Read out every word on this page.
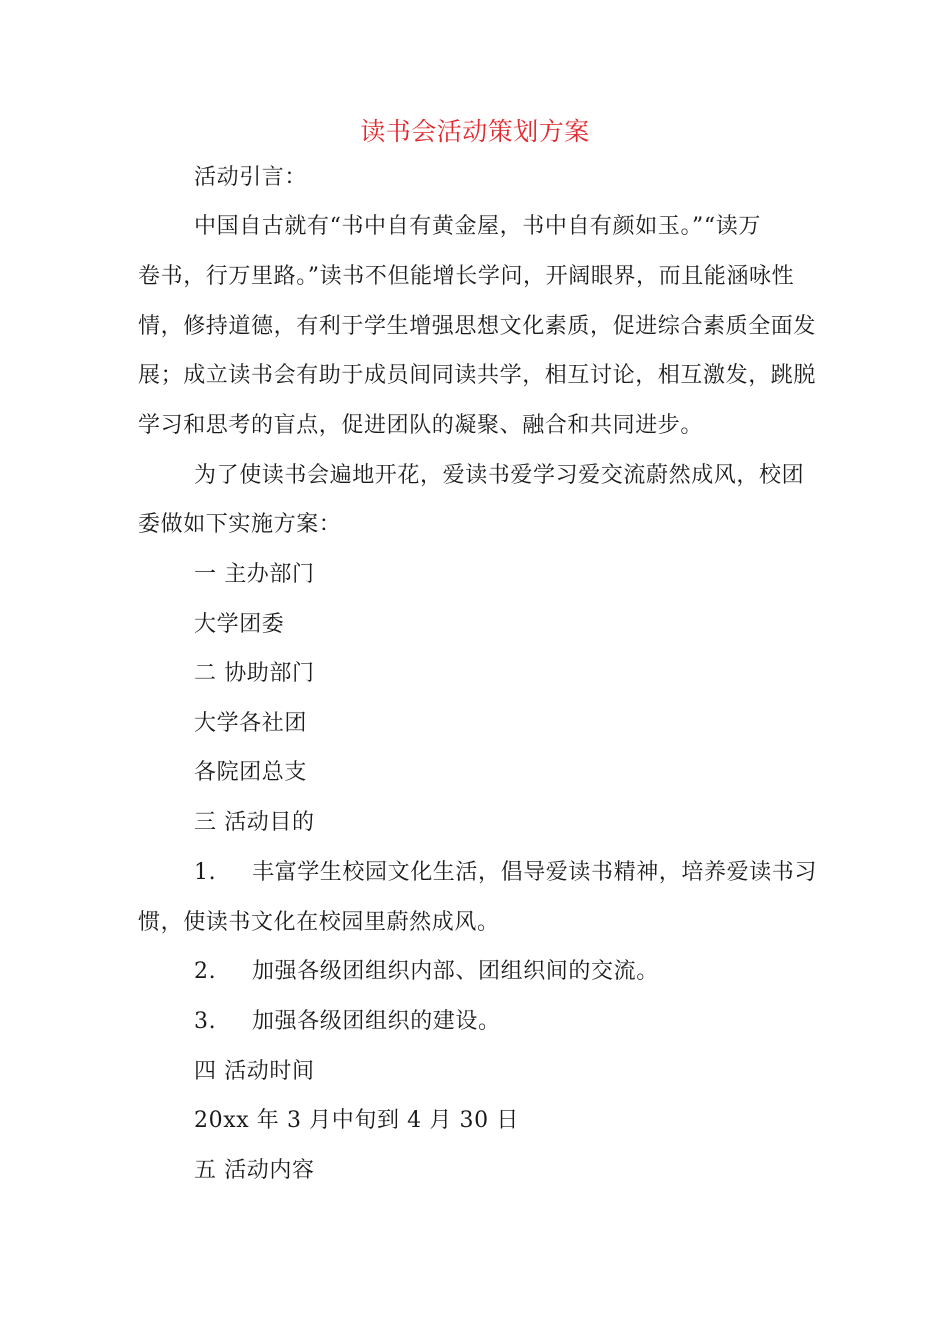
读书会活动策划方案
活动引言：
中国自古就有“书中自有黄金屋，书中自有颜如玉。”“读万
卷书，行万里路。”读书不但能增长学问，开阔眼界，而且能涵咏性
情，修持道德，有利于学生增强思想文化素质，促进综合素质全面发
展；成立读书会有助于成员间同读共学，相互讨论，相互激发，跳脱
学习和思考的盲点，促进团队的凝聚、融合和共同进步。
为了使读书会遍地开花，爱读书爱学习爱交流蔚然成风，校团
委做如下实施方案：
一 主办部门
大学团委
二 协助部门
大学各社团
各院团总支
三 活动目的
1. 丰富学生校园文化生活，倡导爱读书精神，培养爱读书习
惯，使读书文化在校园里蔚然成风。
2. 加强各级团组织内部、团组织间的交流。
3. 加强各级团组织的建设。
四 活动时间
20xx 年 3 月中旬到 4 月 30 日
五 活动内容
